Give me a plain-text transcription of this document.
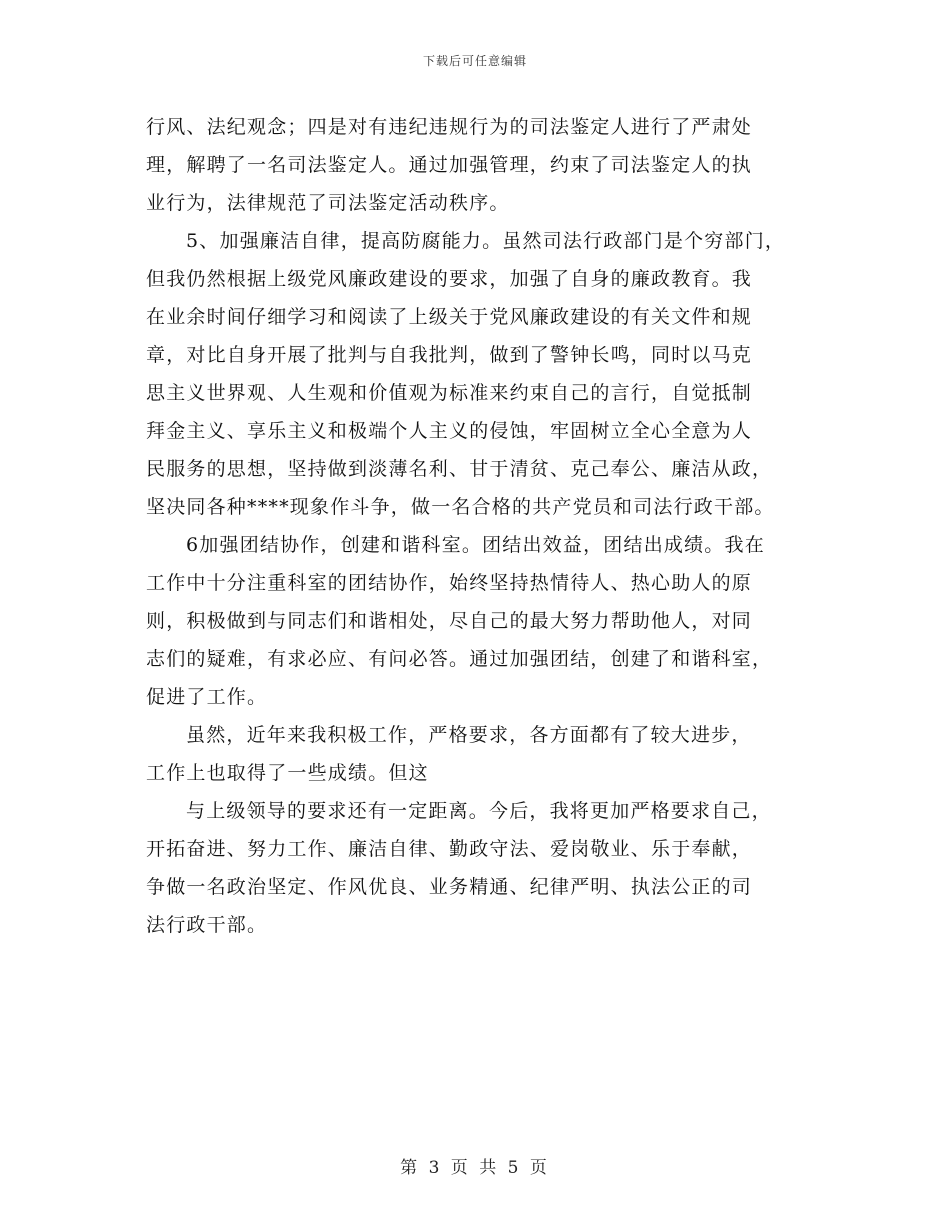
下载后可任意编辑
行风、法纪观念；四是对有违纪违规行为的司法鉴定人进行了严肃处
理，解聘了一名司法鉴定人。通过加强管理，约束了司法鉴定人的执
业行为，法律规范了司法鉴定活动秩序。
5、加强廉洁自律，提高防腐能力。虽然司法行政部门是个穷部门，
但我仍然根据上级党风廉政建设的要求，加强了自身的廉政教育。我
在业余时间仔细学习和阅读了上级关于党风廉政建设的有关文件和规
章，对比自身开展了批判与自我批判，做到了警钟长鸣，同时以马克
思主义世界观、人生观和价值观为标准来约束自己的言行，自觉抵制
拜金主义、享乐主义和极端个人主义的侵蚀，牢固树立全心全意为人
民服务的思想，坚持做到淡薄名利、甘于清贫、克己奉公、廉洁从政，
坚决同各种****现象作斗争，做一名合格的共产党员和司法行政干部。
6加强团结协作，创建和谐科室。团结出效益，团结出成绩。我在
工作中十分注重科室的团结协作，始终坚持热情待人、热心助人的原
则，积极做到与同志们和谐相处，尽自己的最大努力帮助他人，对同
志们的疑难，有求必应、有问必答。通过加强团结，创建了和谐科室，
促进了工作。
虽然，近年来我积极工作，严格要求，各方面都有了较大进步，
工作上也取得了一些成绩。但这
与上级领导的要求还有一定距离。今后，我将更加严格要求自己，
开拓奋进、努力工作、廉洁自律、勤政守法、爱岗敬业、乐于奉献，
争做一名政治坚定、作风优良、业务精通、纪律严明、执法公正的司
法行政干部。
第 3 页 共 5 页
